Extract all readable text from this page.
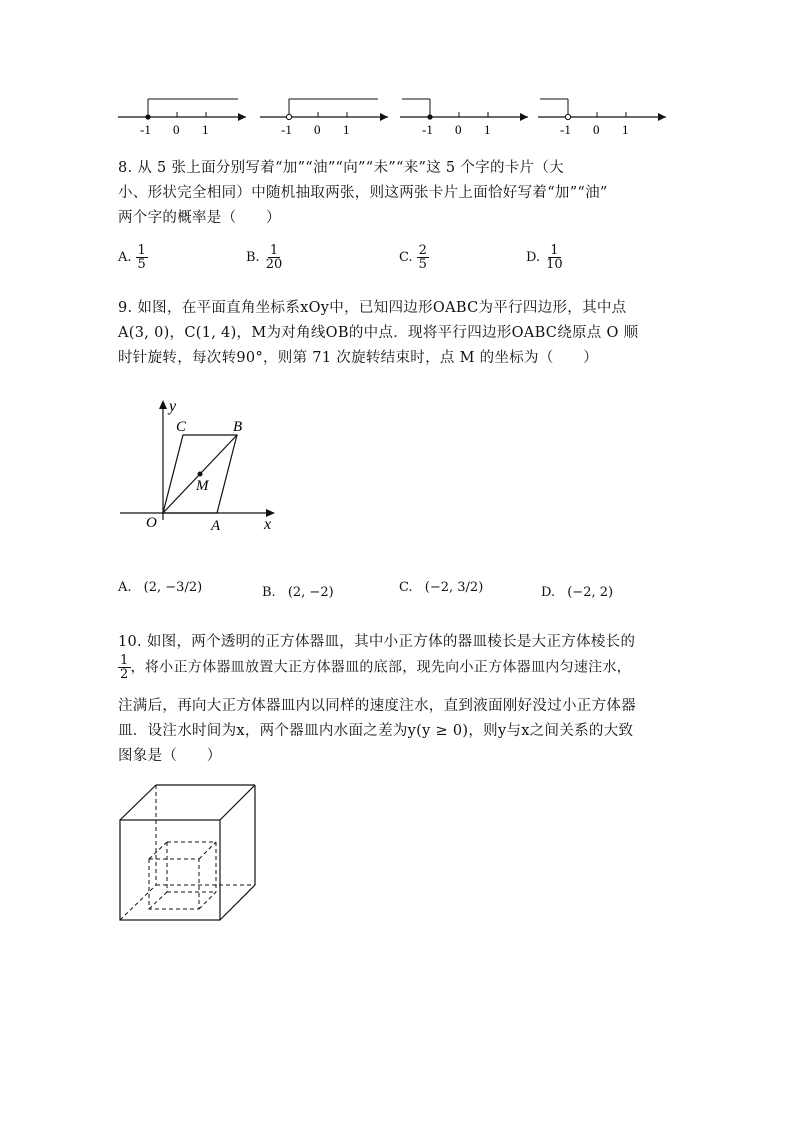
-1 0 1	-1 0 1	-1 0 1	-1 0 1
8. 从 5 张上面分别写着“加”“油”“向”“未”“来”这 5 个字的卡片（大
小、形状完全相同）中随机抽取两张，则这两张卡片上面恰好写着“加”“油”
两个字的概率是（　　）
A. $\frac{1}{5}$	B. $\frac{1}{20}$	C. $\frac{2}{5}$	D. $\frac{1}{10}$
9. 如图，在平面直角坐标系xOy中，已知四边形OABC为平行四边形，其中点
A(3, 0)，C(1, 4)，M为对角线OB的中点．现将平行四边形OABC绕原点 O 顺
时针旋转，每次转90°，则第 71 次旋转结束时，点 M 的坐标为（　　）
y
x
C	B
M
O	A
A. (2, −3/2)	B. (2, −2)	C. (−2, 3/2)	D. (−2, 2)
10. 如图，两个透明的正方体器皿，其中小正方体的器皿棱长是大正方体棱长的
$\frac{1}{2}$ ，将小正方体器皿放置大正方体器皿的底部，现先向小正方体器皿内匀速注水，
注满后，再向大正方体器皿内以同样的速度注水，直到液面刚好没过小正方体器
皿．设注水时间为x，两个器皿内水面之差为y(y ≥ 0)，则y与x之间关系的大致
图象是（　　）
